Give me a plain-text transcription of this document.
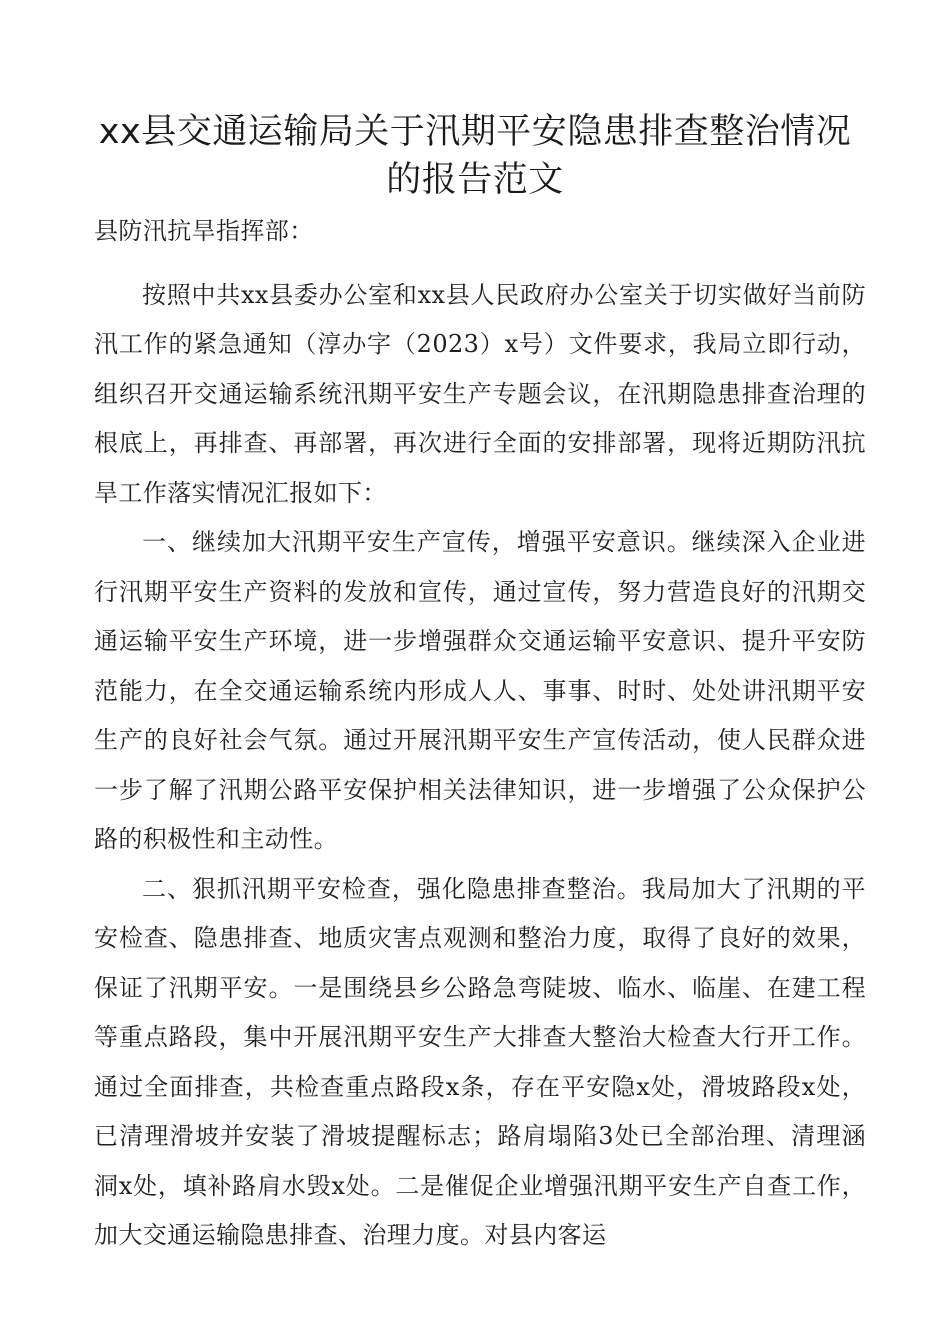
xx县交通运输局关于汛期平安隐患排查整治情况
的报告范文

县防汛抗旱指挥部：

按照中共xx县委办公室和xx县人民政府办公室关于切实做好当前防汛工作的紧急通知（淳办字（2023）x号）文件要求，我局立即行动，组织召开交通运输系统汛期平安生产专题会议，在汛期隐患排查治理的根底上，再排查、再部署，再次进行全面的安排部署，现将近期防汛抗旱工作落实情况汇报如下：

一、继续加大汛期平安生产宣传，增强平安意识。继续深入企业进行汛期平安生产资料的发放和宣传，通过宣传，努力营造良好的汛期交通运输平安生产环境，进一步增强群众交通运输平安意识、提升平安防范能力，在全交通运输系统内形成人人、事事、时时、处处讲汛期平安生产的良好社会气氛。通过开展汛期平安生产宣传活动，使人民群众进一步了解了汛期公路平安保护相关法律知识，进一步增强了公众保护公路的积极性和主动性。

二、狠抓汛期平安检查，强化隐患排查整治。我局加大了汛期的平安检查、隐患排查、地质灾害点观测和整治力度，取得了良好的效果，保证了汛期平安。一是围绕县乡公路急弯陡坡、临水、临崖、在建工程等重点路段，集中开展汛期平安生产大排查大整治大检查大行开工作。通过全面排查，共检查重点路段x条，存在平安隐x处，滑坡路段x处，已清理滑坡并安装了滑坡提醒标志；路肩塌陷3处已全部治理、清理涵洞x处，填补路肩水毁x处。二是催促企业增强汛期平安生产自查工作，加大交通运输隐患排查、治理力度。对县内客运
